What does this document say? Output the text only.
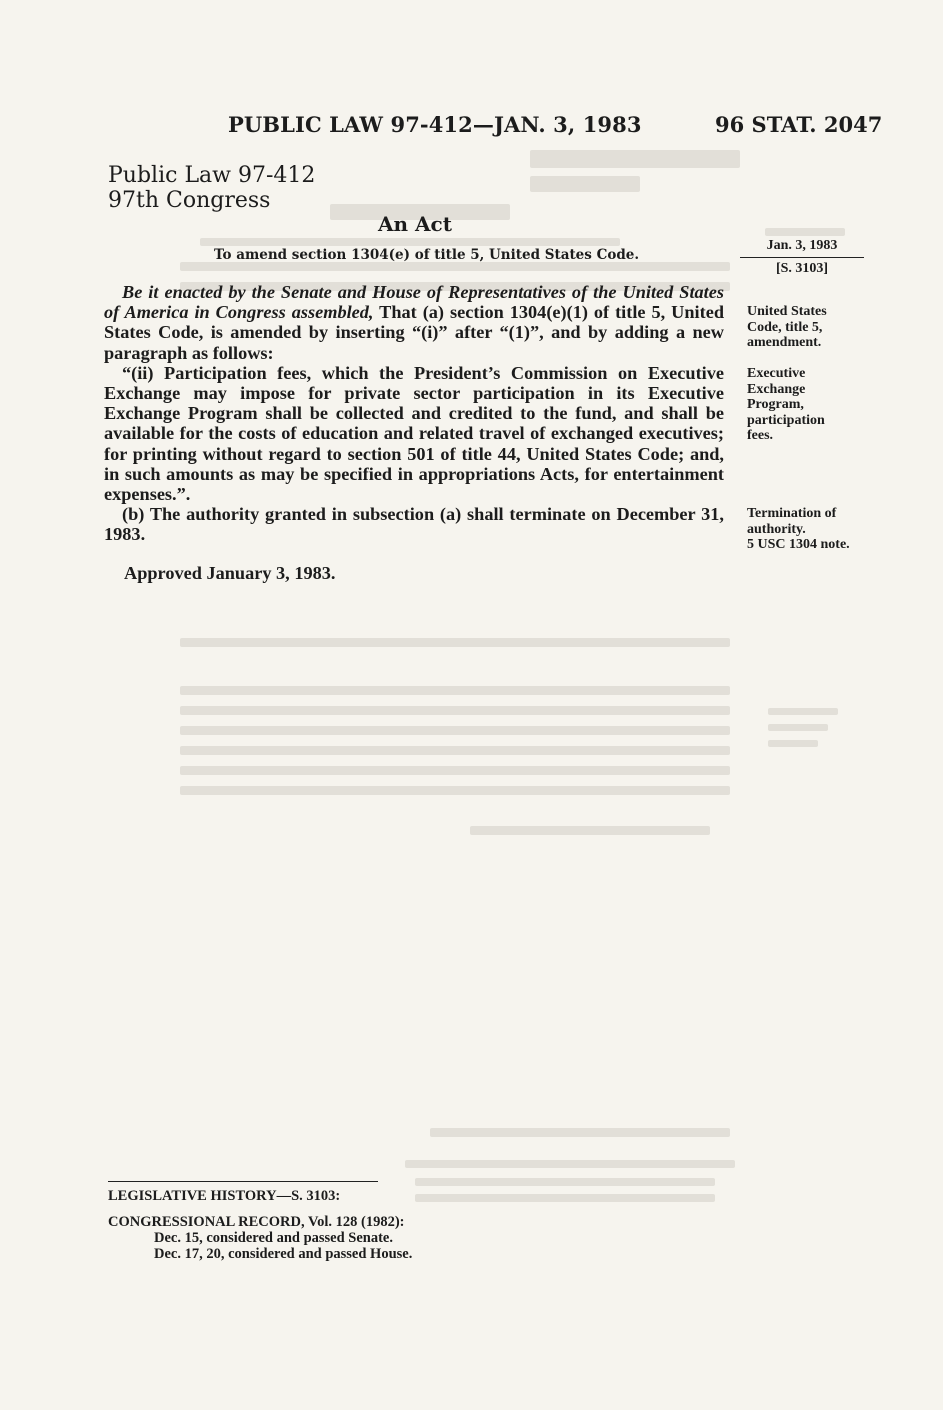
PUBLIC LAW 97-412—JAN. 3, 1983	96 STAT. 2047
Public Law 97-412
97th Congress
An Act
To amend section 1304(e) of title 5, United States Code.
Jan. 3, 1983
[S. 3103]
United States
Code, title 5,
amendment.
Executive
Exchange
Program,
participation
fees.
Termination of
authority.
5 USC 1304 note.

Be it enacted by the Senate and House of Representatives of the United States of America in Congress assembled, That (a) section 1304(e)(1) of title 5, United States Code, is amended by inserting “(i)” after “(1)”, and by adding a new paragraph as follows:

“(ii) Participation fees, which the President’s Commission on Executive Exchange may impose for private sector participation in its Executive Exchange Program shall be collected and credited to the fund, and shall be available for the costs of education and related travel of exchanged executives; for printing without regard to section 501 of title 44, United States Code; and, in such amounts as may be specified in appropriations Acts, for entertainment expenses.”.

(b) The authority granted in subsection (a) shall terminate on December 31, 1983.

Approved January 3, 1983.
LEGISLATIVE HISTORY—S. 3103:
CONGRESSIONAL RECORD, Vol. 128 (1982):
Dec. 15, considered and passed Senate.
Dec. 17, 20, considered and passed House.
